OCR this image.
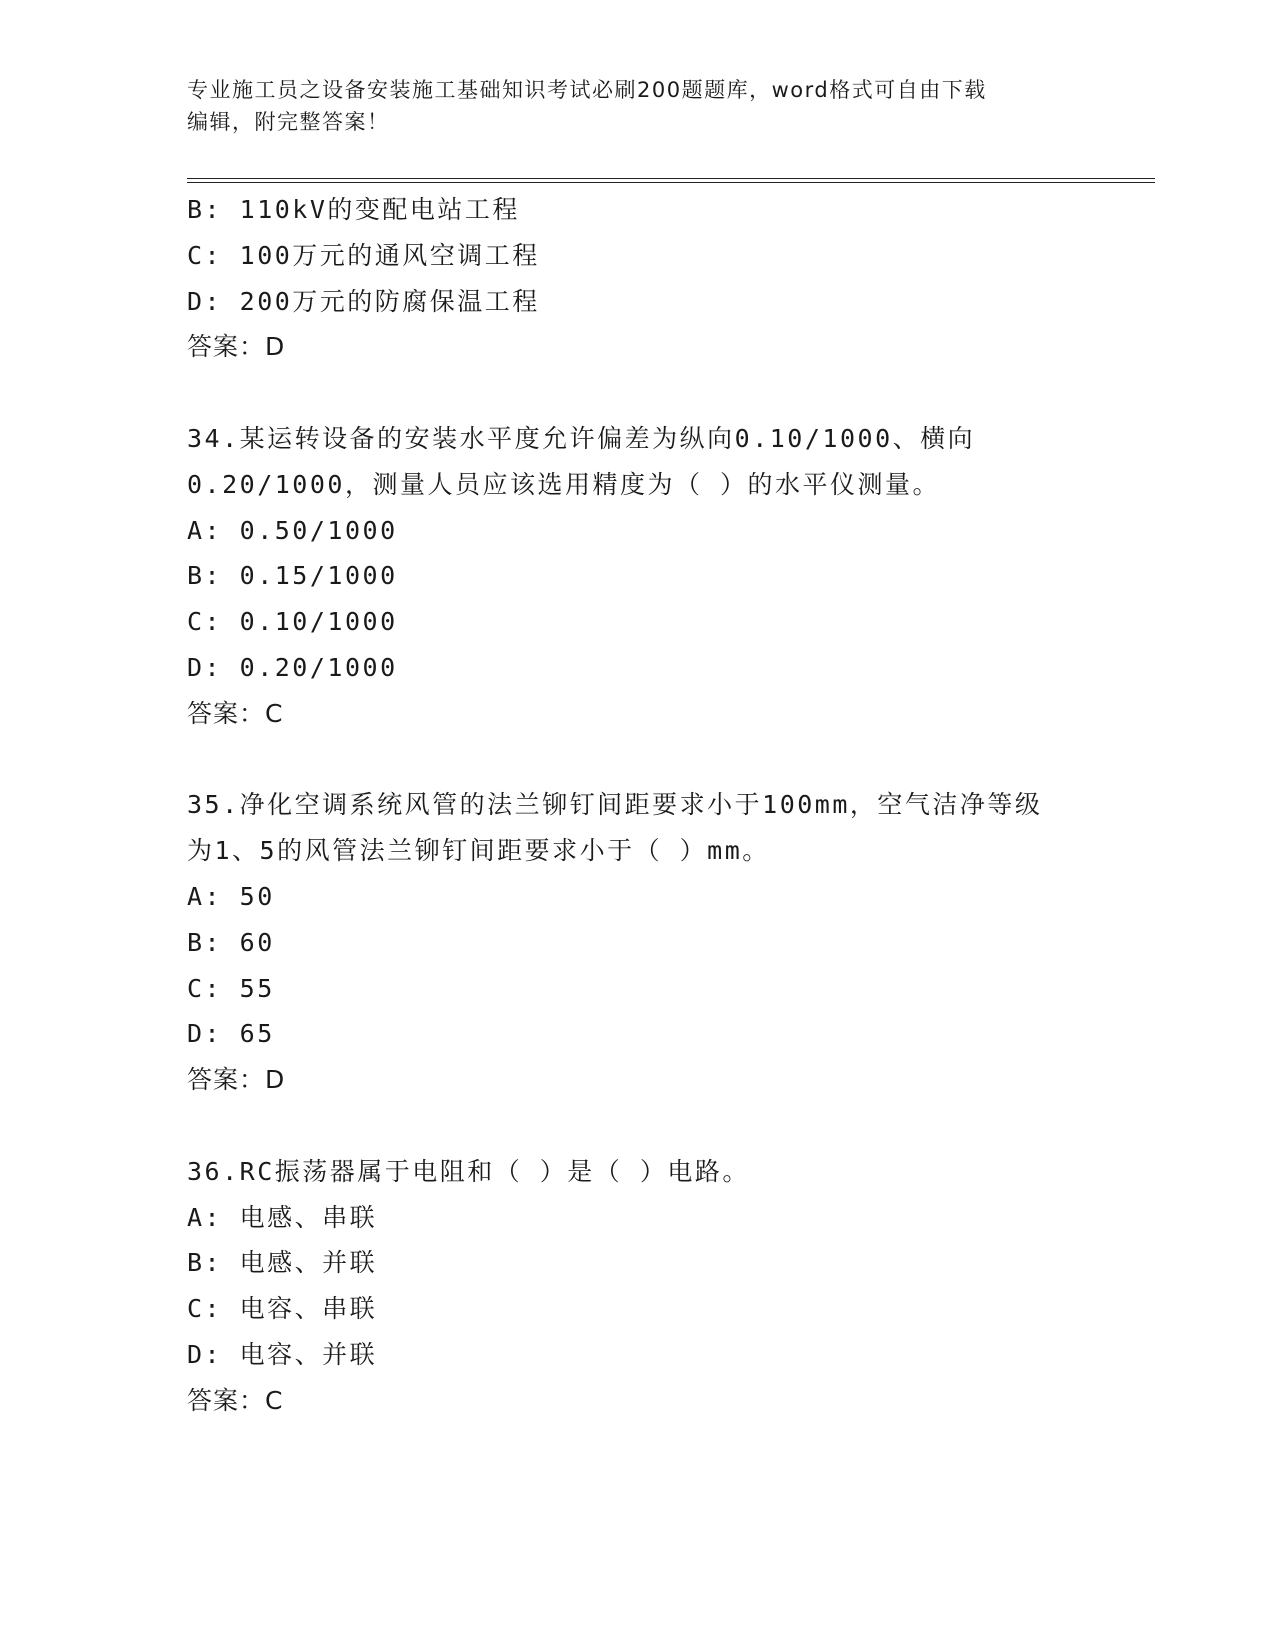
专业施工员之设备安装施工基础知识考试必刷200题题库，word格式可自由下载
编辑，附完整答案！
B: 110kV的变配电站工程
C: 100万元的通风空调工程
D: 200万元的防腐保温工程
答案：D
34.某运转设备的安装水平度允许偏差为纵向0.10/1000、横向
0.20/1000，测量人员应该选用精度为（ ）的水平仪测量。
A: 0.50/1000
B: 0.15/1000
C: 0.10/1000
D: 0.20/1000
答案：C
35.净化空调系统风管的法兰铆钉间距要求小于100mm，空气洁净等级
为1、5的风管法兰铆钉间距要求小于（ ）mm。
A: 50
B: 60
C: 55
D: 65
答案：D
36.RC振荡器属于电阻和（ ）是（ ）电路。
A: 电感、串联
B: 电感、并联
C: 电容、串联
D: 电容、并联
答案：C
